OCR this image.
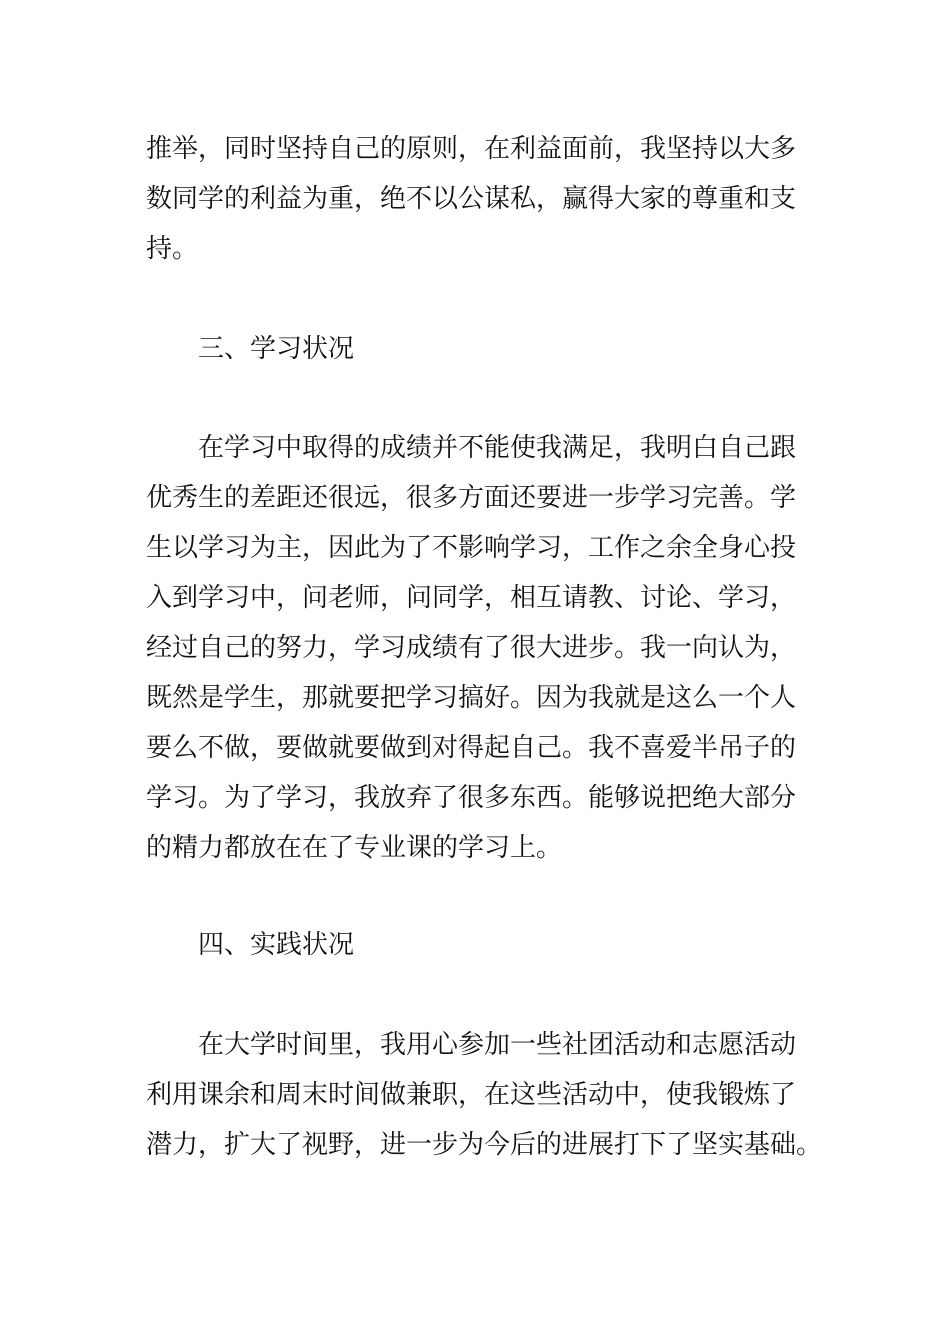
推举，同时坚持自己的原则，在利益面前，我坚持以大多
数同学的利益为重，绝不以公谋私，赢得大家的尊重和支
持。
三、学习状况
在学习中取得的成绩并不能使我满足，我明白自己跟
优秀生的差距还很远，很多方面还要进一步学习完善。学
生以学习为主，因此为了不影响学习，工作之余全身心投
入到学习中，问老师，问同学，相互请教、讨论、学习，
经过自己的努力，学习成绩有了很大进步。我一向认为，
既然是学生，那就要把学习搞好。因为我就是这么一个人
要么不做，要做就要做到对得起自己。我不喜爱半吊子的
学习。为了学习，我放弃了很多东西。能够说把绝大部分
的精力都放在在了专业课的学习上。
四、实践状况
在大学时间里，我用心参加一些社团活动和志愿活动
利用课余和周末时间做兼职，在这些活动中，使我锻炼了
潜力，扩大了视野，进一步为今后的进展打下了坚实基础。
